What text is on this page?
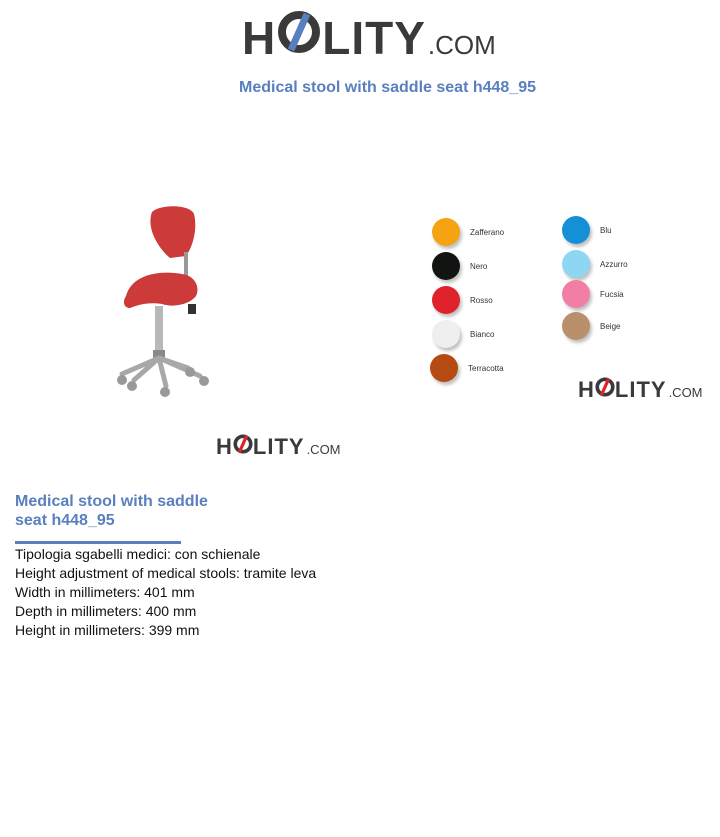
H LITY .COM
Medical stool with saddle seat h448_95
H LITY .COM
Zafferano
Nero
Rosso
Bianco
Terracotta
Blu
Azzurro
Fucsia
Beige
H LITY .COM
Medical stool with saddle seat h448_95
Tipologia sgabelli medici: con schienale
Height adjustment of medical stools: tramite leva
Width in millimeters: 401 mm
Depth in millimeters: 400 mm
Height in millimeters: 399 mm
